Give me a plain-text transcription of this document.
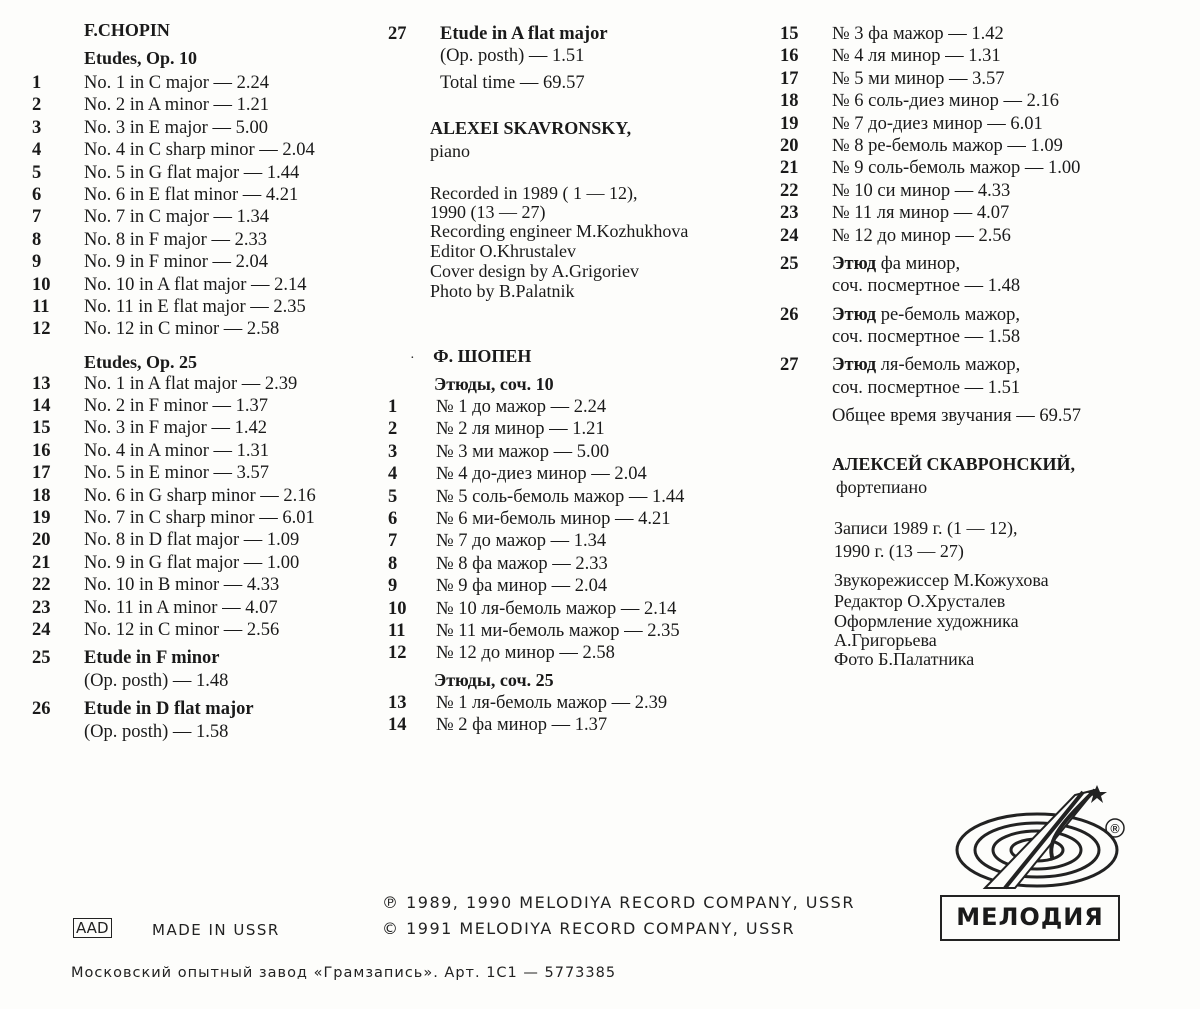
F.CHOPIN
Etudes, Op. 10
1	No. 1 in C major — 2.24
2	No. 2 in A minor — 1.21
3	No. 3 in E major — 5.00
4	No. 4 in C sharp minor — 2.04
5	No. 5 in G flat major — 1.44
6	No. 6 in E flat minor — 4.21
7	No. 7 in C major — 1.34
8	No. 8 in F major — 2.33
9	No. 9 in F minor — 2.04
10	No. 10 in A flat major — 2.14
11	No. 11 in E flat major — 2.35
12	No. 12 in C minor — 2.58
Etudes, Op. 25
13	No. 1 in A flat major — 2.39
14	No. 2 in F minor — 1.37
15	No. 3 in F major — 1.42
16	No. 4 in A minor — 1.31
17	No. 5 in E minor — 3.57
18	No. 6 in G sharp minor — 2.16
19	No. 7 in C sharp minor — 6.01
20	No. 8 in D flat major — 1.09
21	No. 9 in G flat major — 1.00
22	No. 10 in B minor — 4.33
23	No. 11 in A minor — 4.07
24	No. 12 in C minor — 2.56
25	Etude in F minor
(Op. posth) — 1.48
26	Etude in D flat major
(Op. posth) — 1.58
27	Etude in A flat major
(Op. posth) — 1.51
Total time — 69.57
ALEXEI SKAVRONSKY,
piano
Recorded in 1989 ( 1 — 12),
1990 (13 — 27)
Recording engineer M.Kozhukhova
Editor O.Khrustalev
Cover design by A.Grigoriev
Photo by B.Palatnik
· Ф. ШОПЕН
Этюды, соч. 10
1	№ 1 до мажор — 2.24
2	№ 2 ля минор — 1.21
3	№ 3 ми мажор — 5.00
4	№ 4 до-диез минор — 2.04
5	№ 5 соль-бемоль мажор — 1.44
6	№ 6 ми-бемоль минор — 4.21
7	№ 7 до мажор — 1.34
8	№ 8 фа мажор — 2.33
9	№ 9 фа минор — 2.04
10	№ 10 ля-бемоль мажор — 2.14
11	№ 11 ми-бемоль мажор — 2.35
12	№ 12 до минор — 2.58
Этюды, соч. 25
13	№ 1 ля-бемоль мажор — 2.39
14	№ 2 фа минор — 1.37
15	№ 3 фа мажор — 1.42
16	№ 4 ля минор — 1.31
17	№ 5 ми минор — 3.57
18	№ 6 соль-диез минор — 2.16
19	№ 7 до-диез минор — 6.01
20	№ 8 ре-бемоль мажор — 1.09
21	№ 9 соль-бемоль мажор — 1.00
22	№ 10 си минор — 4.33
23	№ 11 ля минор — 4.07
24	№ 12 до минор — 2.56
25	Этюд фа минор,
соч. посмертное — 1.48
26	Этюд ре-бемоль мажор,
соч. посмертное — 1.58
27	Этюд ля-бемоль мажор,
соч. посмертное — 1.51
Общее время звучания — 69.57
АЛЕКСЕЙ СКАВРОНСКИЙ,
фортепиано
Записи 1989 г. (1 — 12),
1990 г. (13 — 27)
Звукорежиссер М.Кожухова
Редактор О.Хрусталев
Оформление художника
А.Григорьева
Фото Б.Палатника
®
МЕЛОДИЯ
AAD	MADE IN USSR
℗ 1989, 1990 MELODIYA RECORD COMPANY, USSR
© 1991 MELODIYA RECORD COMPANY, USSR
Московский опытный завод «Грамзапись». Арт. 1С1 — 5773385
